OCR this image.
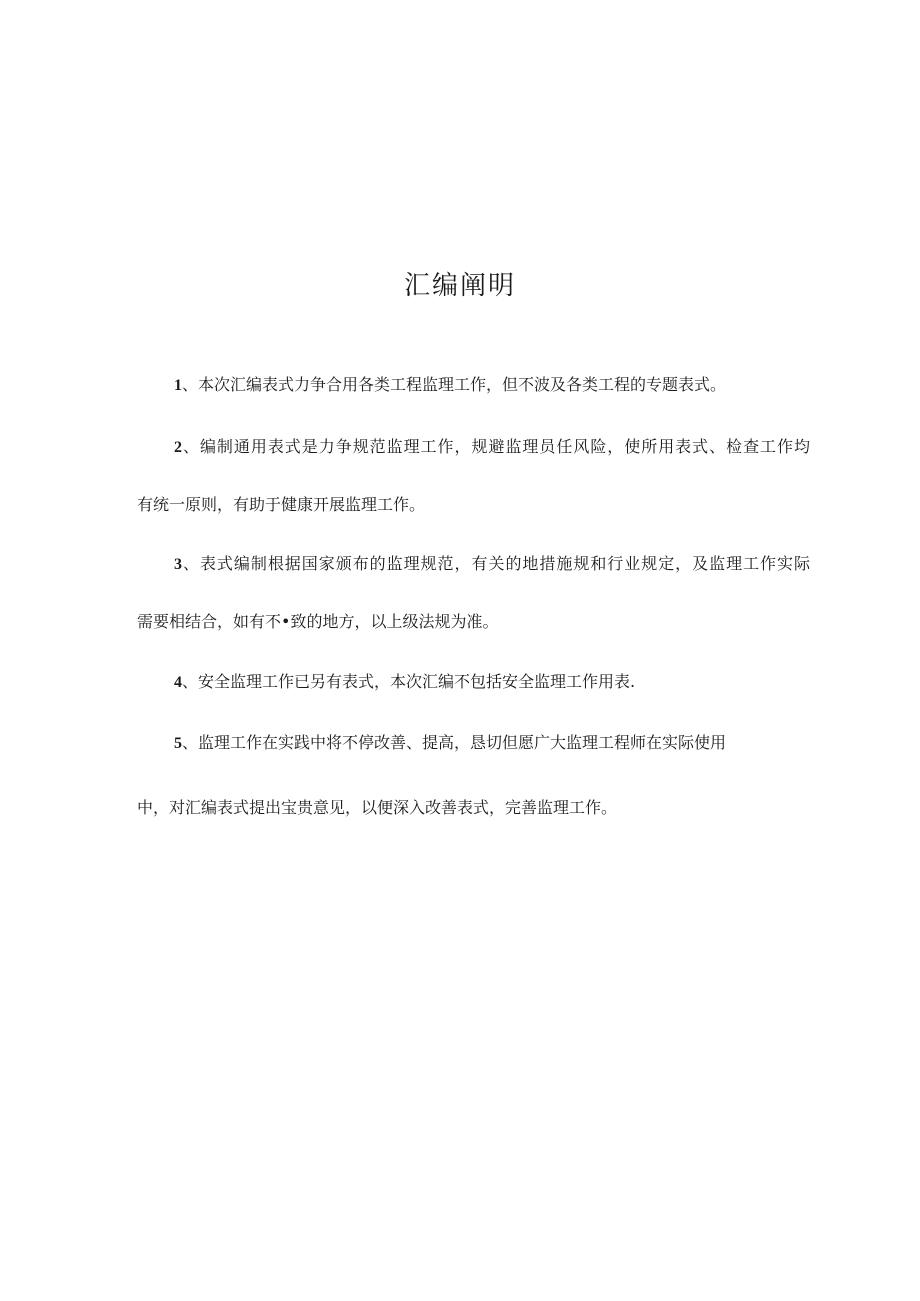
汇编阐明
1、本次汇编表式力争合用各类工程监理工作，但不波及各类工程的专题表式。
2、编制通用表式是力争规范监理工作，规避监理员任风险，使所用表式、检查工作均
有统一原则，有助于健康开展监理工作。
3、表式编制根据国家颁布的监理规范，有关的地措施规和行业规定，及监理工作实际
需要相结合，如有不•致的地方，以上级法规为准。
4、安全监理工作已另有表式，本次汇编不包括安全监理工作用表.
5、监理工作在实践中将不停改善、提高，恳切但愿广大监理工程师在实际使用
中，对汇编表式提出宝贵意见，以便深入改善表式，完善监理工作。
